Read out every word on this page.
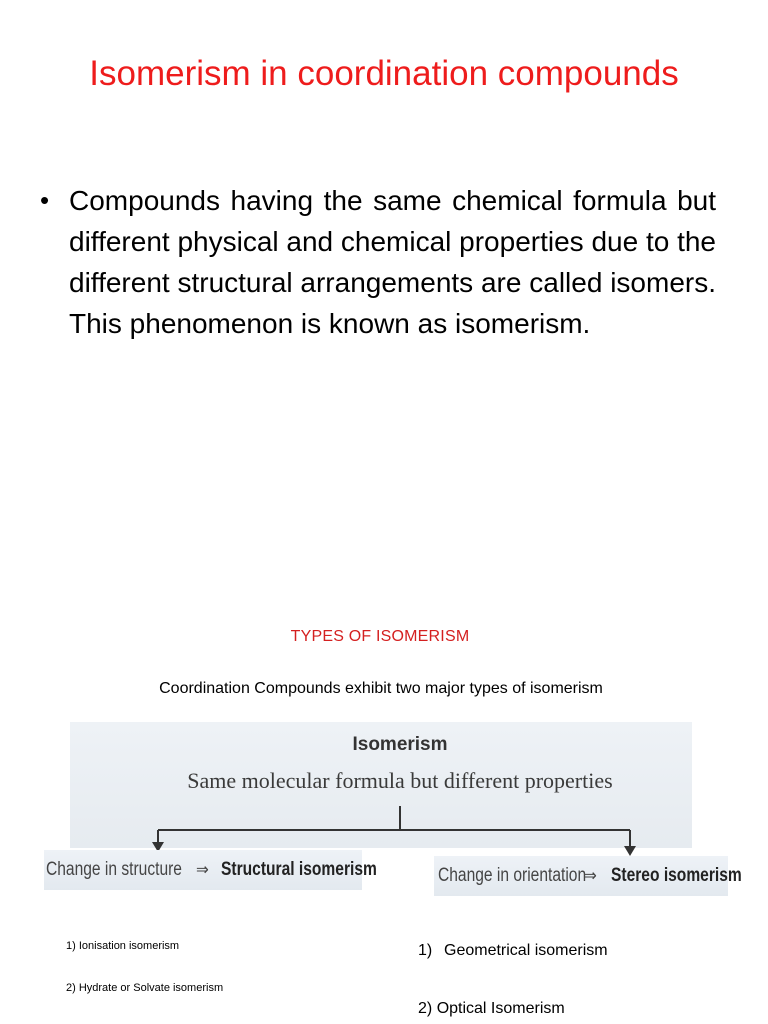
Isomerism in coordination compounds
• Compounds having the same chemical formula but different physical and chemical properties due to the different structural arrangements are called isomers. This phenomenon is known as isomerism.
TYPES OF ISOMERISM
Coordination Compounds exhibit two major types of isomerism
Isomerism
Same molecular formula but different properties
Change in structure ⇒ Structural isomerism	Change in orientation
⇒ Stereo isomerism
1) Ionisation isomerism
2) Hydrate or Solvate isomerism
1) Geometrical isomerism
2) Optical Isomerism
